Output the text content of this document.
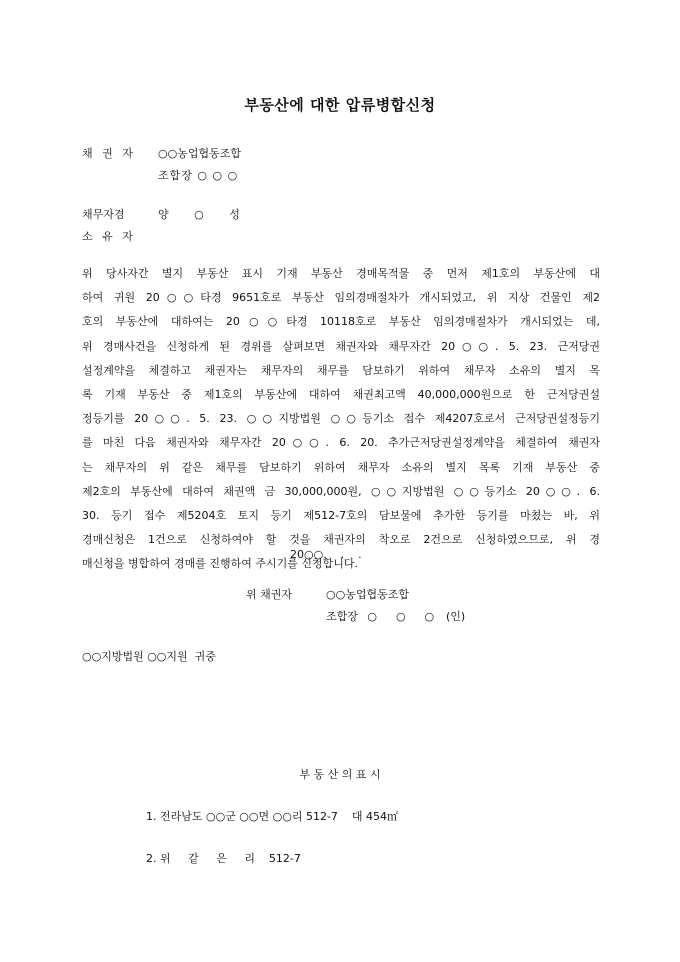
부동산에 대한 압류병합신청
채 권 자 ○○농업협동조합
조합장 ○ ○ ○
채무자겸	양 ○ 성
소 유 자
위 당사자간 별지 부동산 표시 기재 부동산 경매목적물 중 먼저 제1호의 부동산에 대
하여 귀원 20○○타경 9651호로 부동산 임의경매절차가 개시되었고, 위 지상 건물인 제2
호의 부동산에 대하여는 20○○타경 10118호로 부동산 임의경매절차가 개시되었는 데,
위 경매사건을 신청하게 된 경위를 살펴보면 채권자와 채무자간 20○○. 5. 23. 근저당권
설정계약을 체결하고 채권자는 채무자의 채무를 담보하기 위하여 채무자 소유의 별지 목
록 기재 부동산 중 제1호의 부동산에 대하여 채권최고액 40,000,000원으로 한 근저당권설
정등기를 20○○. 5. 23. ○○지방법원 ○○등기소 접수 제4207호로서 근저당권설정등기
를 마친 다음 채권자와 채무자간 20○○. 6. 20. 추가근저당권설정계약을 체결하여 채권자
는 채무자의 위 같은 채무를 담보하기 위하여 채무자 소유의 별지 목록 기재 부동산 중
제2호의 부동산에 대하여 채권액 금 30,000,000원, ○○지방법원 ○○등기소 20○○. 6.
30. 등기 접수 제5204호 토지 등기 제512-7호의 담보물에 추가한 등기를 마쳤는 바, 위
경매신청은 1건으로 신청하여야 할 것을 채권자의 착오로 2건으로 신청하였으므로, 위 경
매신청을 병합하여 경매를 진행하여 주시기를 신청합니다.
20○○.    .    .
위 채권자	○○농업협동조합
조합장 ○  ○  ○ (인)
○○지방법원 ○○지원  귀중
부 동 산 의 표 시
1. 전라남도 ○○군 ○○면 ○○리 512-7    대 454㎡
2. 위     같     은     리    512-7
